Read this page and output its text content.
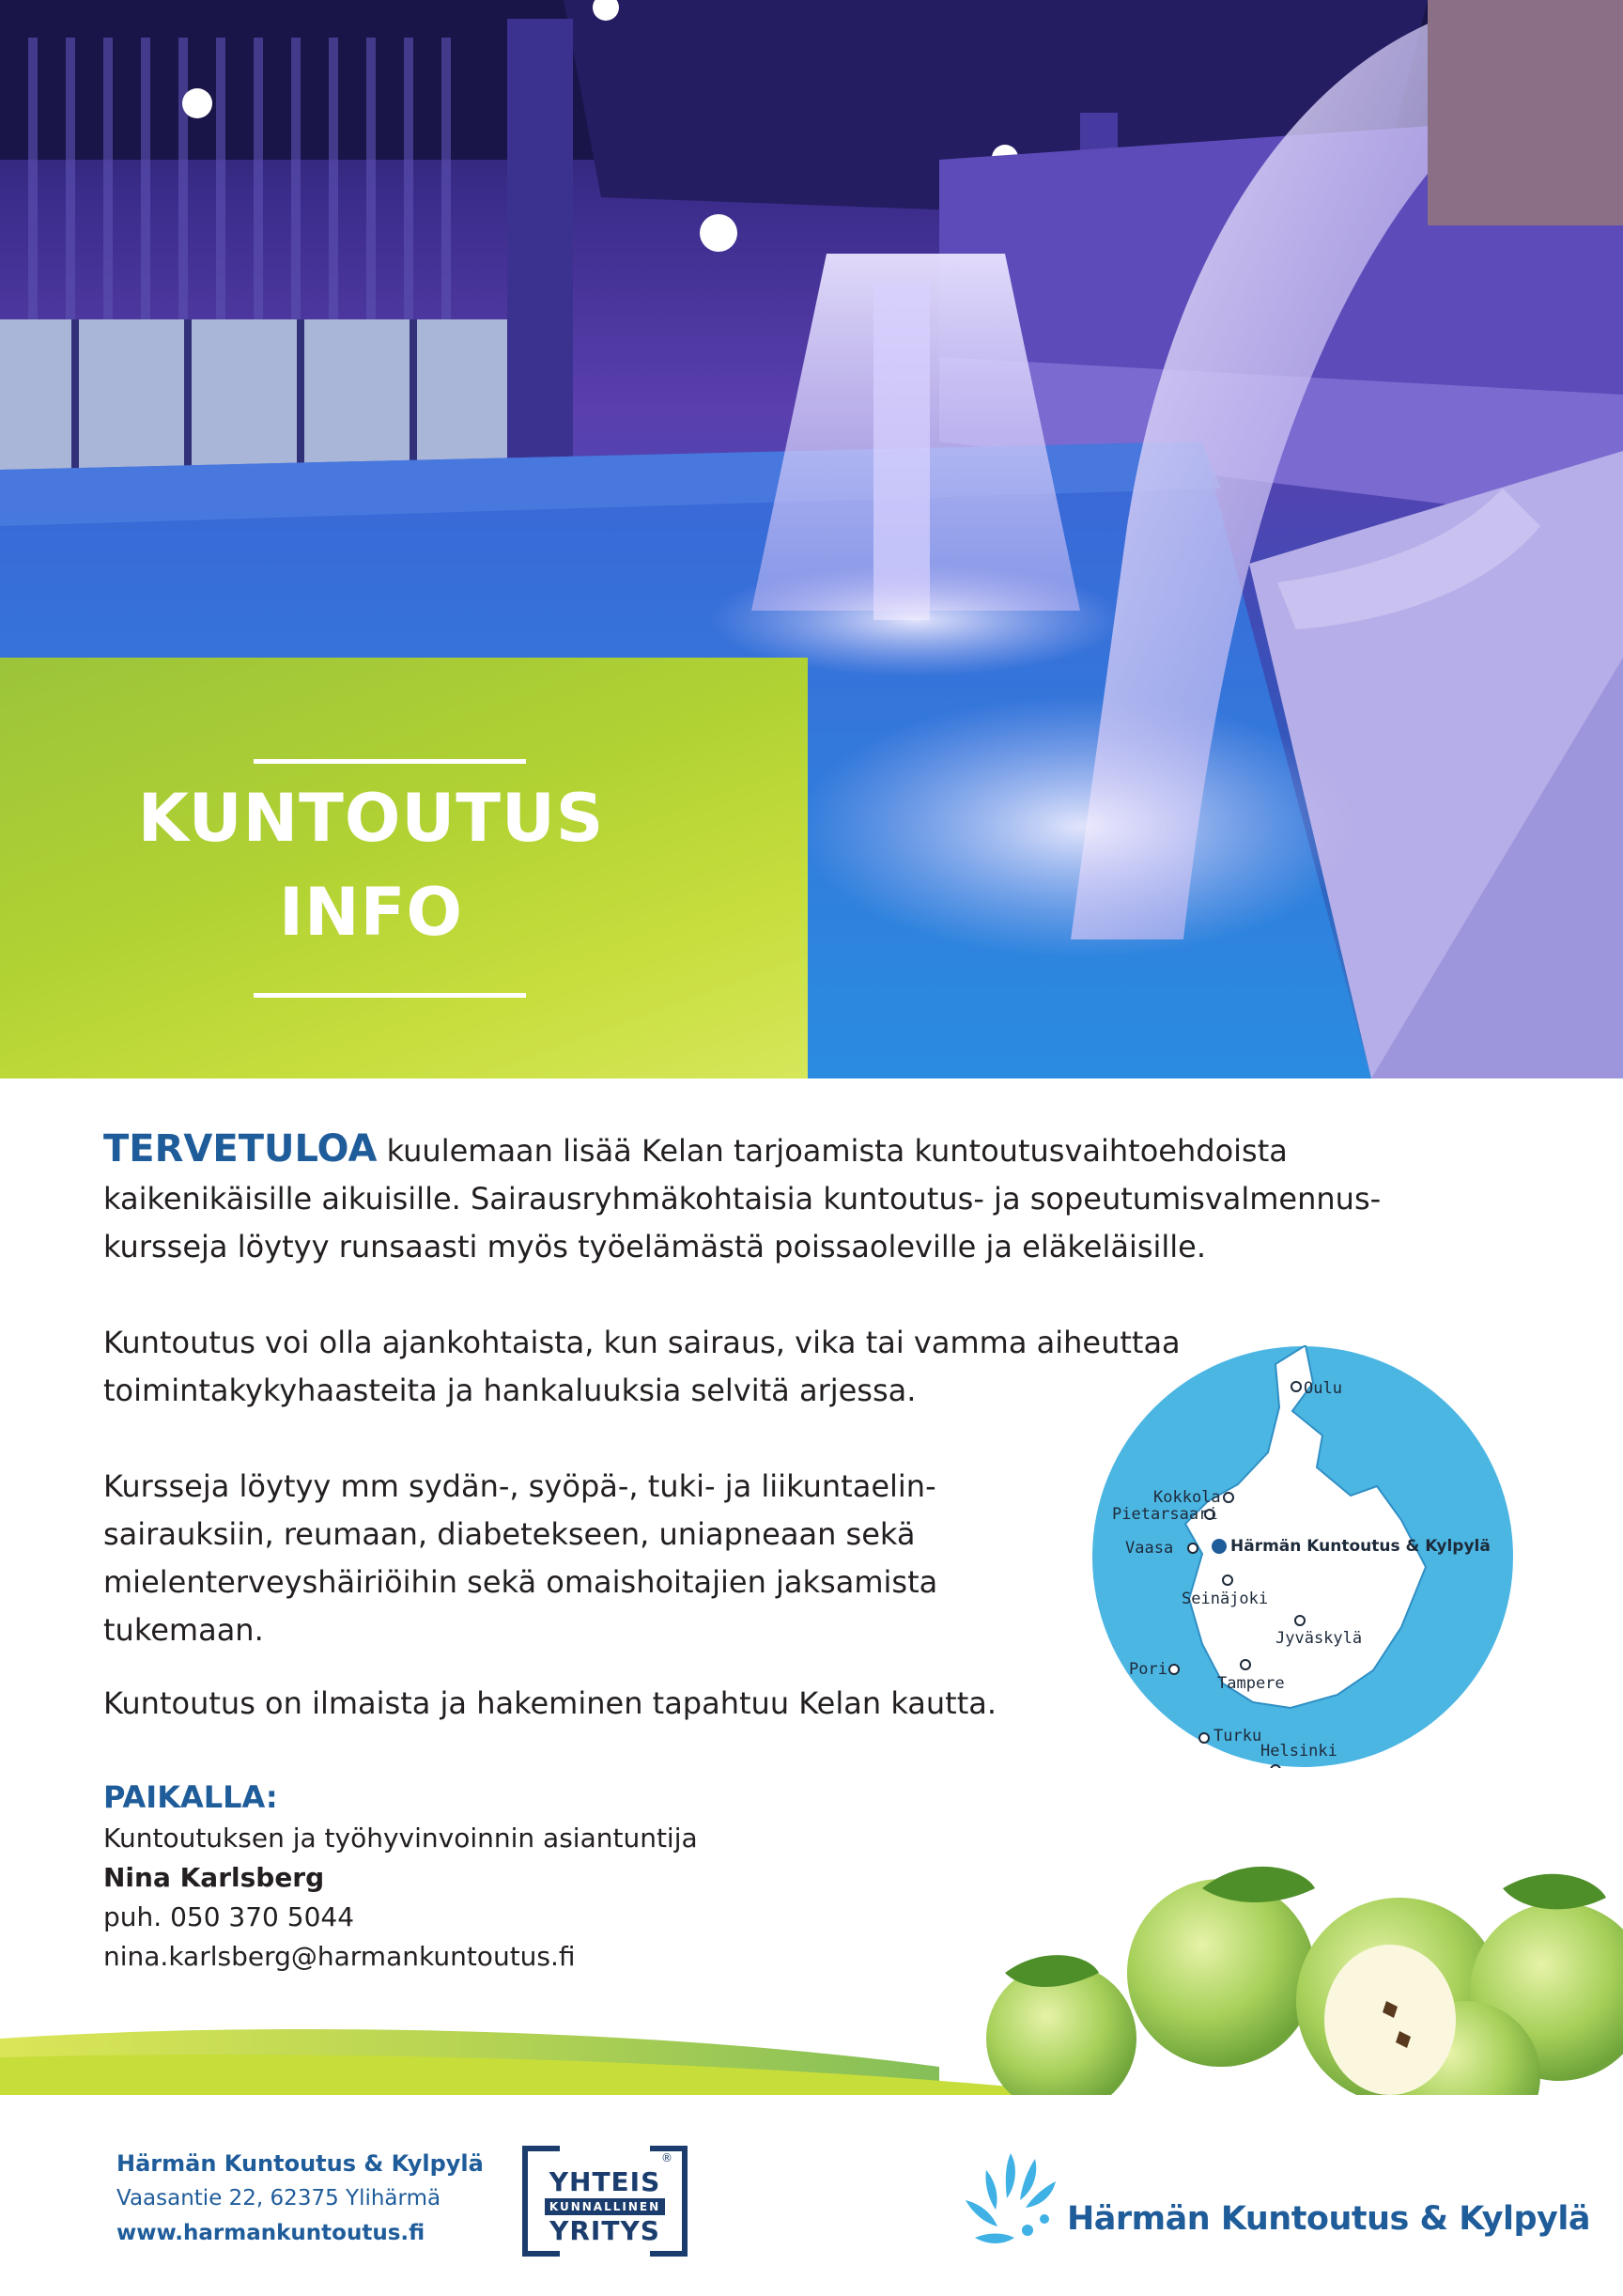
KUNTOUTUS
INFO
TERVETULOA kuulemaan lisää Kelan tarjoamista kuntoutusvaihtoehdoista
kaikenikäisille aikuisille. Sairausryhmäkohtaisia kuntoutus- ja sopeutumisvalmennus-
kursseja löytyy runsaasti myös työelämästä poissaoleville ja eläkeläisille.
Kuntoutus voi olla ajankohtaista, kun sairaus, vika tai vamma aiheuttaa
toimintakykyhaasteita ja hankaluuksia selvitä arjessa.
Kursseja löytyy mm sydän-, syöpä-, tuki- ja liikuntaelin-
sairauksiin, reumaan, diabetekseen, uniapneaan sekä
mielenterveyshäiriöihin sekä omaishoitajien jaksamista
tukemaan.
Kuntoutus on ilmaista ja hakeminen tapahtuu Kelan kautta.
PAIKALLA:
Kuntoutuksen ja työhyvinvoinnin asiantuntija
Nina Karlsberg
puh. 050 370 5044
nina.karlsberg@harmankuntoutus.fi
Oulu
Kokkola
Pietarsaari
Vaasa	Härmän Kuntoutus & Kylpylä
Seinäjoki
Jyväskylä
Pori
Tampere
Turku
Helsinki
Härmän Kuntoutus & Kylpylä
Vaasantie 22, 62375 Ylihärmä
www.harmankuntoutus.fi
YHTEIS
KUNNALLINEN
YRITYS
®
Härmän Kuntoutus & Kylpylä
